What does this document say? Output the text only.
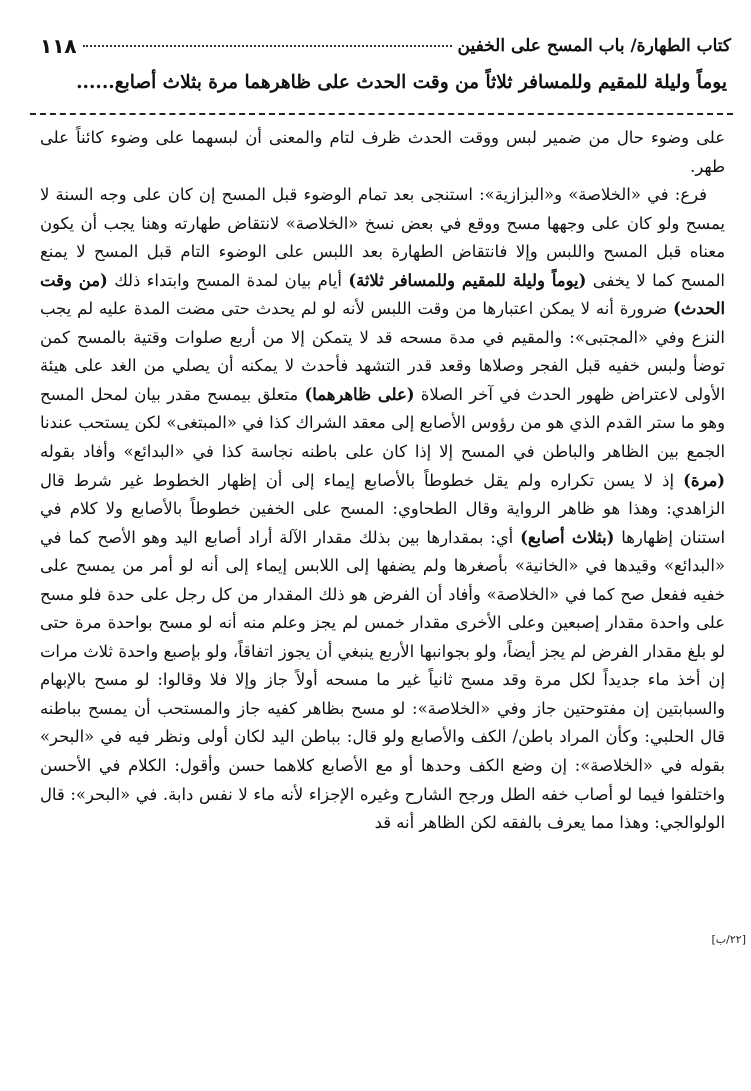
كتاب الطهارة/ باب المسح على الخفين
١١٨
يوماً وليلة للمقيم وللمسافر ثلاثاً من وقت الحدث على ظاهرهما مرة بثلاث أصابع......

على وضوء حال من ضمير لبس ووقت الحدث ظرف لتام والمعنى أن لبسهما على وضوء كائناً على طهر.

فرع: في «الخلاصة» و«البزازية»: استنجى بعد تمام الوضوء قبل المسح إن كان على وجه السنة لا يمسح ولو كان على وجهها مسح ووقع في بعض نسخ «الخلاصة» لانتقاض طهارته وهنا يجب أن يكون معناه قبل المسح واللبس وإلا فانتقاض الطهارة بعد اللبس على الوضوء التام قبل المسح لا يمنع المسح كما لا يخفى (يوماً وليلة للمقيم وللمسافر ثلاثة) أيام بيان لمدة المسح وابتداء ذلك (من وقت الحدث) ضرورة أنه لا يمكن اعتبارها من وقت اللبس لأنه لو لم يحدث حتى مضت المدة عليه لم يجب النزع وفي «المجتبى»: والمقيم في مدة مسحه قد لا يتمكن إلا من أربع صلوات وقتية بالمسح كمن توضأ ولبس خفيه قبل الفجر وصلاها وقعد قدر التشهد فأحدث لا يمكنه أن يصلي من الغد على هيئة الأولى لاعتراض ظهور الحدث في آخر الصلاة (على ظاهرهما) متعلق بيمسح مقدر بيان لمحل المسح وهو ما ستر القدم الذي هو من رؤوس الأصابع إلى معقد الشراك كذا في «المبتغى» لكن يستحب عندنا الجمع بين الظاهر والباطن في المسح إلا إذا كان على باطنه نجاسة كذا في «البدائع» وأفاد بقوله (مرة) إذ لا يسن تكراره ولم يقل خطوطاً بالأصابع إيماء إلى أن إظهار الخطوط غير شرط قال الزاهدي: وهذا هو ظاهر الرواية وقال الطحاوي: المسح على الخفين خطوطاً بالأصابع ولا كلام في استنان إظهارها (بثلاث أصابع) أي: بمقدارها بين بذلك مقدار الآلة أراد أصابع اليد وهو الأصح كما في «البدائع» وقيدها في «الخانية» بأصغرها ولم يضفها إلى اللابس إيماء إلى أنه لو أمر من يمسح على خفيه ففعل صح كما في «الخلاصة» وأفاد أن الفرض هو ذلك المقدار من كل رجل على حدة فلو مسح على واحدة مقدار إصبعين وعلى الأخرى مقدار خمس لم يجز وعلم منه أنه لو مسح بواحدة مرة حتى لو بلغ مقدار الفرض لم يجز أيضاً، ولو بجوانبها الأربع ينبغي أن يجوز اتفاقاً، ولو بإصبع واحدة ثلاث مرات إن أخذ ماء جديداً لكل مرة وقد مسح ثانياً غير ما مسحه أولاً جاز وإلا فلا وقالوا: لو مسح بالإبهام والسبابتين إن مفتوحتين جاز وفي «الخلاصة»: لو مسح بظاهر كفيه جاز والمستحب أن يمسح بباطنه قال الحلبي: وكأن المراد باطن/ الكف والأصابع ولو قال: بباطن اليد لكان أولى ونظر فيه في «البحر» بقوله في «الخلاصة»: إن وضع الكف وحدها أو مع الأصابع كلاهما حسن وأقول: الكلام في الأحسن واختلفوا فيما لو أصاب خفه الطل ورجح الشارح وغيره الإجزاء لأنه ماء لا نفس دابة. في «البحر»: قال الولوالجي: وهذا مما يعرف بالفقه لكن الظاهر أنه قد

[٢٢/ب]
